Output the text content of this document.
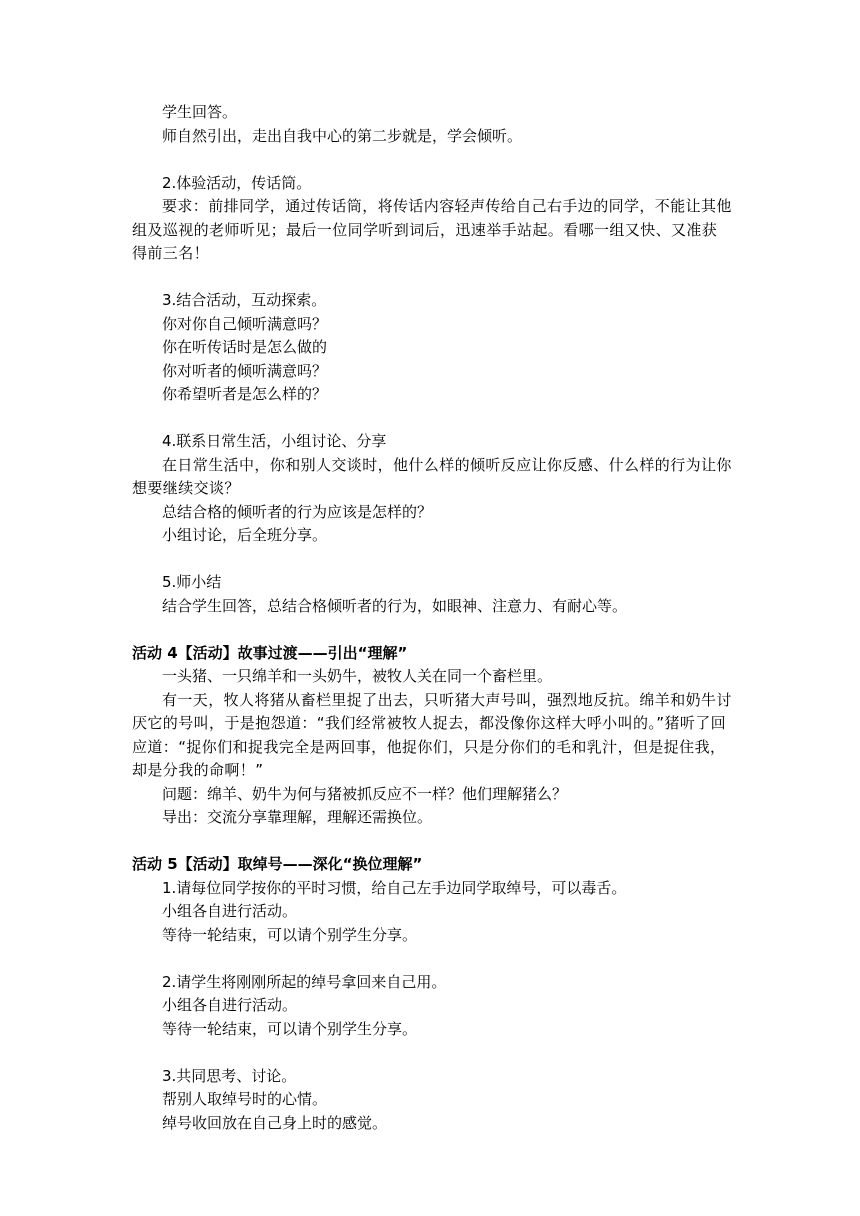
学生回答。

师自然引出，走出自我中心的第二步就是，学会倾听。

2.体验活动，传话筒。

要求：前排同学，通过传话筒，将传话内容轻声传给自己右手边的同学，不能让其他组及巡视的老师听见；最后一位同学听到词后，迅速举手站起。看哪一组又快、又准获得前三名！

3.结合活动，互动探索。

你对你自己倾听满意吗？

你在听传话时是怎么做的

你对听者的倾听满意吗？

你希望听者是怎么样的？

4.联系日常生活，小组讨论、分享

在日常生活中，你和别人交谈时，他什么样的倾听反应让你反感、什么样的行为让你想要继续交谈？

总结合格的倾听者的行为应该是怎样的？

小组讨论，后全班分享。

5.师小结

结合学生回答，总结合格倾听者的行为，如眼神、注意力、有耐心等。

活动 4【活动】故事过渡——引出“理解”

一头猪、一只绵羊和一头奶牛，被牧人关在同一个畜栏里。

有一天，牧人将猪从畜栏里捉了出去，只听猪大声号叫，强烈地反抗。绵羊和奶牛讨厌它的号叫，于是抱怨道：“我们经常被牧人捉去，都没像你这样大呼小叫的。”猪听了回应道：“捉你们和捉我完全是两回事，他捉你们，只是分你们的毛和乳汁，但是捉住我，却是分我的命啊！”

问题：绵羊、奶牛为何与猪被抓反应不一样？他们理解猪么？

导出：交流分享靠理解，理解还需换位。

活动 5【活动】取绰号——深化“换位理解”

1.请每位同学按你的平时习惯，给自己左手边同学取绰号，可以毒舌。

小组各自进行活动。

等待一轮结束，可以请个别学生分享。

2.请学生将刚刚所起的绰号拿回来自己用。

小组各自进行活动。

等待一轮结束，可以请个别学生分享。

3.共同思考、讨论。

帮别人取绰号时的心情。

绰号收回放在自己身上时的感觉。
